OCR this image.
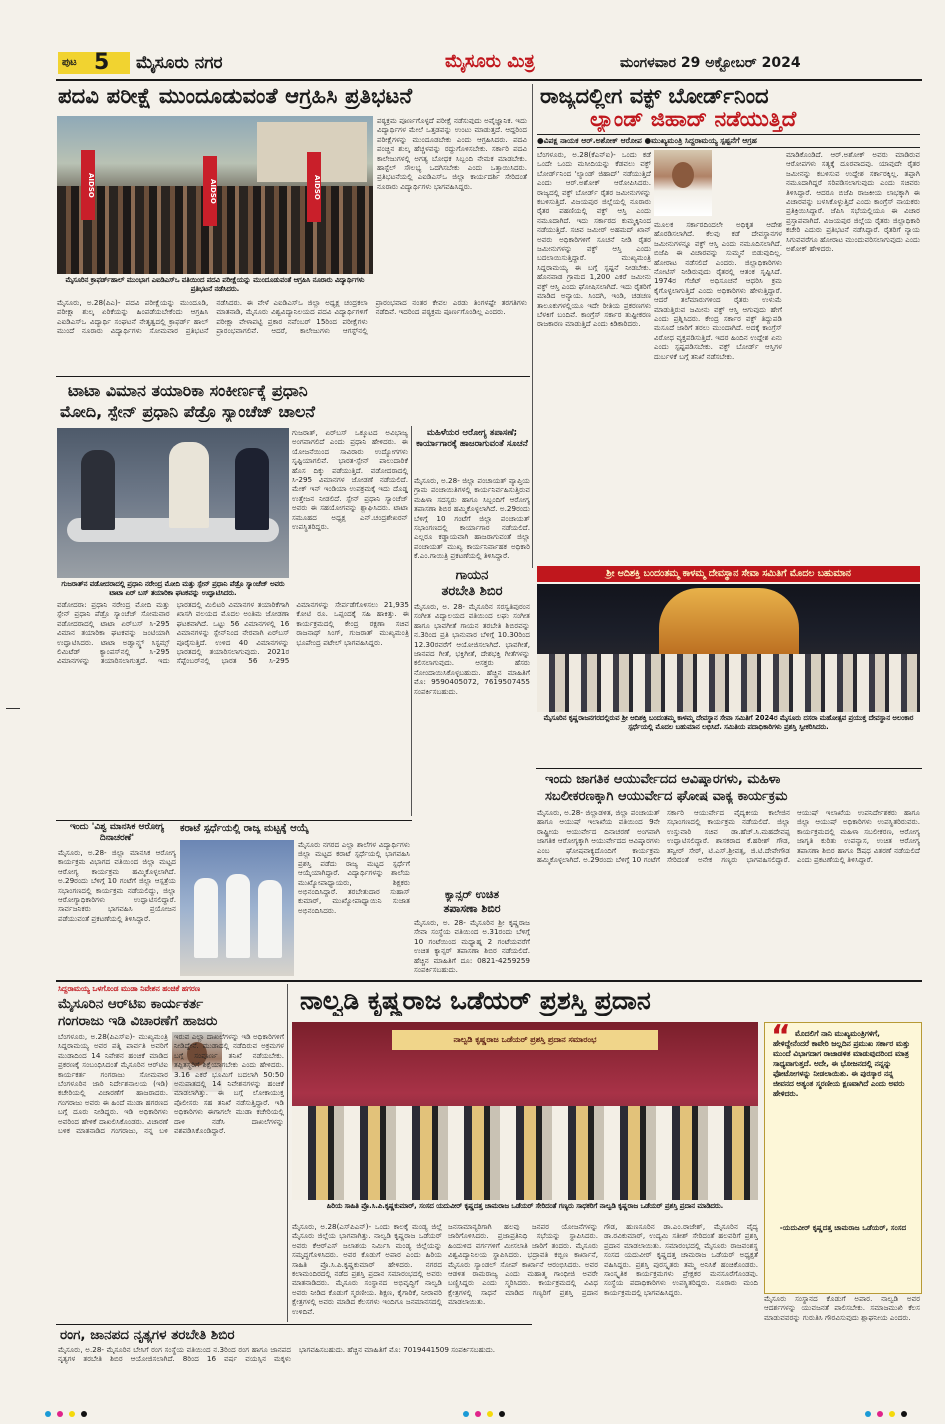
ಪುಟ 5 ಮೈಸೂರು ನಗರ	ಮೈಸೂರು ಮಿತ್ರ	ಮಂಗಳವಾರ 29 ಅಕ್ಟೋಬರ್ 2024
ಪದವಿ ಪರೀಕ್ಷೆ ಮುಂದೂಡುವಂತೆ ಆಗ್ರಹಿಸಿ ಪ್ರತಿಭಟನೆ
AIDSO	AIDSO	AIDSO
ಮೈಸೂರಿನ ಕ್ರಾಫರ್ಡ್‌ಹಾಲ್ ಮುಂಭಾಗ ಎಐಡಿಎಸ್‌ಒ ವತಿಯಿಂದ ಪದವಿ ಪರೀಕ್ಷೆಯನ್ನು ಮುಂದೂಡುವಂತೆ ಆಗ್ರಹಿಸಿ ನೂರಾರು ವಿದ್ಯಾರ್ಥಿಗಳು ಪ್ರತಿಭಟನೆ ನಡೆಸಿದರು.
ಪಠ್ಯಕ್ರಮ ಪೂರ್ಣಗೊಳ್ಳದೆ ಪರೀಕ್ಷೆ ನಡೆಸುವುದು ಅವೈಜ್ಞಾನಿಕ. ಇದು ವಿದ್ಯಾರ್ಥಿಗಳ ಮೇಲೆ ಒತ್ತಡವನ್ನು ಉಂಟು ಮಾಡುತ್ತದೆ. ಆದ್ದರಿಂದ ಪರೀಕ್ಷೆಗಳನ್ನು ಮುಂದೂಡಬೇಕು ಎಂದು ಆಗ್ರಹಿಸಿದರು. ಪದವಿ ಪಂಚ್ಚಿನ ಶುಲ್ಕ ಹೆಚ್ಚಳವನ್ನು ರದ್ದುಗೊಳಿಸಬೇಕು. ಸರ್ಕಾರಿ ಪದವಿ ಕಾಲೇಜುಗಳಲ್ಲಿ ಅಗತ್ಯ ಬೋಧಕ ಸಿಬ್ಬಂದಿ ನೇಮಕ ಮಾಡಬೇಕು. ಹಾಸ್ಟೆಲ್ ಸೌಲಭ್ಯ ಒದಗಿಸಬೇಕು ಎಂದು ಒತ್ತಾಯಿಸಿದರು. ಪ್ರತಿಭಟನೆಯಲ್ಲಿ ಎಐಡಿಎಸ್‌ಒ ಜಿಲ್ಲಾ ಕಾರ್ಯದರ್ಶಿ ಸೇರಿದಂತೆ ನೂರಾರು ವಿದ್ಯಾರ್ಥಿಗಳು ಭಾಗವಹಿಸಿದ್ದರು.
ಮೈಸೂರು, ಅ.28(ಪಿಎ)- ಪದವಿ ಪರೀಕ್ಷೆಯನ್ನು ಮುಂದೂಡಿ, ಪರೀಕ್ಷಾ ಶುಲ್ಕ ಏರಿಕೆಯನ್ನು ಹಿಂಪಡೆಯಬೇಕೆಂದು ಆಗ್ರಹಿಸಿ ಎಐಡಿಎಸ್‌ಒ ವಿದ್ಯಾರ್ಥಿ ಸಂಘಟನೆ ನೇತೃತ್ವದಲ್ಲಿ ಕ್ರಾಫರ್ಡ್ ಹಾಲ್ ಮುಂದೆ ನೂರಾರು ವಿದ್ಯಾರ್ಥಿಗಳು ಸೋಮವಾರ ಪ್ರತಿಭಟನೆ ನಡೆಸಿದರು. ಈ ವೇಳೆ ಎಐಡಿಎಸ್‌ಒ ಜಿಲ್ಲಾ ಅಧ್ಯಕ್ಷ ಚಂದ್ರಕಲಾ ಮಾತನಾಡಿ, ಮೈಸೂರು ವಿಶ್ವವಿದ್ಯಾನಿಲಯದ ಪದವಿ ವಿದ್ಯಾರ್ಥಿಗಳಿಗೆ ಪರೀಕ್ಷಾ ವೇಳಾಪಟ್ಟಿ ಪ್ರಕಾರ ನವೆಂಬರ್ 15ರಿಂದ ಪರೀಕ್ಷೆಗಳು ಪ್ರಾರಂಭವಾಗಲಿವೆ. ಆದರೆ, ಕಾಲೇಜುಗಳು ಆಗಸ್ಟ್‌ನಲ್ಲಿ ಪ್ರಾರಂಭವಾದ ನಂತರ ಕೇವಲ ಎರಡು ತಿಂಗಳಷ್ಟೇ ತರಗತಿಗಳು ನಡೆದಿವೆ. ಇದರಿಂದ ಪಠ್ಯಕ್ರಮ ಪೂರ್ಣಗೊಂಡಿಲ್ಲ ಎಂದರು.
ರಾಜ್ಯದಲ್ಲೀಗ ವಕ್ಫ್ ಬೋರ್ಡ್‌ನಿಂದ
ಲ್ಯಾಂಡ್ ಜಿಹಾದ್ ನಡೆಯುತ್ತಿದೆ
●ವಿಪಕ್ಷ ನಾಯಕ ಆರ್.ಅಶೋಕ್ ಆರೋಪ ●ಮುಖ್ಯಮಂತ್ರಿ ಸಿದ್ದರಾಮಯ್ಯ ಸ್ಪಷ್ಟನೆಗೆ ಆಗ್ರಹ
ಬೆಂಗಳೂರು, ಅ.28(ಕೆಎನ್‌ಐ)- ಒಂದು ಕಡೆ ಒಂದೇ ಒಂದು ಮಸೀದಿಯನ್ನು ಕೆಡವಲು ವಕ್ಫ್ ಬೋರ್ಡ್‌ನಿಂದ 'ಲ್ಯಾಂಡ್ ಜಿಹಾದ್' ನಡೆಯುತ್ತಿದೆ ಎಂದು ಆರ್.ಅಶೋಕ್ ಆರೋಪಿಸಿದರು. ರಾಜ್ಯದಲ್ಲಿ ವಕ್ಫ್ ಬೋರ್ಡ್ ರೈತರ ಜಮೀನುಗಳನ್ನು ಕಬಳಿಸುತ್ತಿದೆ. ವಿಜಯಪುರ ಜಿಲ್ಲೆಯಲ್ಲಿ ನೂರಾರು ರೈತರ ಪಹಣಿಯಲ್ಲಿ ವಕ್ಫ್ ಆಸ್ತಿ ಎಂದು ನಮೂದಾಗಿದೆ. ಇದು ಸರ್ಕಾರದ ಕುಮ್ಮಕ್ಕಿನಿಂದ ನಡೆಯುತ್ತಿದೆ. ಸಚಿವ ಜಮೀರ್ ಅಹಮದ್ ಖಾನ್ ಅವರು ಅಧಿಕಾರಿಗಳಿಗೆ ಸೂಚನೆ ನೀಡಿ ರೈತರ ಜಮೀನುಗಳನ್ನು ವಕ್ಫ್ ಆಸ್ತಿ ಎಂದು ಬದಲಾಯಿಸುತ್ತಿದ್ದಾರೆ. ಮುಖ್ಯಮಂತ್ರಿ ಸಿದ್ದರಾಮಯ್ಯ ಈ ಬಗ್ಗೆ ಸ್ಪಷ್ಟನೆ ನೀಡಬೇಕು. ಹೊನವಾಡ ಗ್ರಾಮದ 1,200 ಎಕರೆ ಜಮೀನು ವಕ್ಫ್ ಆಸ್ತಿ ಎಂದು ಘೋಷಿಸಲಾಗಿದೆ. ಇದು ರೈತರಿಗೆ ಮಾಡಿದ ಅನ್ಯಾಯ. ಸಿಂದಗಿ, ಇಂಡಿ, ಚಡಚಣ ತಾಲೂಕುಗಳಲ್ಲಿಯೂ ಇದೇ ರೀತಿಯ ಪ್ರಕರಣಗಳು ಬೆಳಕಿಗೆ ಬಂದಿವೆ. ಕಾಂಗ್ರೆಸ್ ಸರ್ಕಾರ ತುಷ್ಟೀಕರಣ ರಾಜಕಾರಣ ಮಾಡುತ್ತಿದೆ ಎಂದು ಕಿಡಿಕಾರಿದರು.
ಮೂಲಕ ಸರ್ಕಾರದಿಂದಲೇ ಅಧಿಕೃತ ಆದೇಶ ಹೊರಡಿಸಲಾಗಿದೆ. ಕೆಲವು ಕಡೆ ದೇವಸ್ಥಾನಗಳ ಜಮೀನುಗಳನ್ನೂ ವಕ್ಫ್ ಆಸ್ತಿ ಎಂದು ನಮೂದಿಸಲಾಗಿದೆ. ಬಿಜೆಪಿ ಈ ವಿಚಾರವನ್ನು ಸುಮ್ಮನೆ ಬಿಡುವುದಿಲ್ಲ. ಹೋರಾಟ ನಡೆಸಲಿದೆ ಎಂದರು. ಜಿಲ್ಲಾಧಿಕಾರಿಗಳು ನೋಟಿಸ್ ನೀಡಿರುವುದು ರೈತರಲ್ಲಿ ಆತಂಕ ಸೃಷ್ಟಿಸಿದೆ. 1974ರ ಗೆಜೆಟ್ ಅಧಿಸೂಚನೆ ಆಧರಿಸಿ ಕ್ರಮ ಕೈಗೊಳ್ಳಲಾಗುತ್ತಿದೆ ಎಂದು ಅಧಿಕಾರಿಗಳು ಹೇಳುತ್ತಿದ್ದಾರೆ. ಆದರೆ ತಲೆಮಾರುಗಳಿಂದ ರೈತರು ಉಳುಮೆ ಮಾಡುತ್ತಿರುವ ಜಮೀನು ವಕ್ಫ್ ಆಸ್ತಿ ಆಗುವುದು ಹೇಗೆ ಎಂದು ಪ್ರಶ್ನಿಸಿದರು. ಕೇಂದ್ರ ಸರ್ಕಾರ ವಕ್ಫ್ ತಿದ್ದುಪಡಿ ಮಸೂದೆ ಜಾರಿಗೆ ತರಲು ಮುಂದಾಗಿದೆ. ಅದಕ್ಕೆ ಕಾಂಗ್ರೆಸ್ ವಿರೋಧ ವ್ಯಕ್ತಪಡಿಸುತ್ತಿದೆ. ಇದರ ಹಿಂದಿನ ಉದ್ದೇಶ ಏನು ಎಂದು ಸ್ಪಷ್ಟಪಡಿಸಬೇಕು. ವಕ್ಫ್ ಬೋರ್ಡ್ ಆಸ್ತಿಗಳ ದುರ್ಬಳಕೆ ಬಗ್ಗೆ ತನಿಖೆ ನಡೆಸಬೇಕು.
ಮಾಡಿಕೊಂಡಿದೆ. ಆರ್.ಅಶೋಕ್ ಅವರು ಮಾಡಿರುವ ಆರೋಪಗಳು ಸತ್ಯಕ್ಕೆ ದೂರವಾದವು. ಯಾವುದೇ ರೈತರ ಜಮೀನನ್ನು ಕಬಳಿಸುವ ಉದ್ದೇಶ ಸರ್ಕಾರಕ್ಕಿಲ್ಲ. ತಪ್ಪಾಗಿ ನಮೂದಾಗಿದ್ದರೆ ಸರಿಪಡಿಸಲಾಗುವುದು ಎಂದು ಸಚಿವರು ತಿಳಿಸಿದ್ದಾರೆ. ಆದರೂ ಬಿಜೆಪಿ ರಾಜಕೀಯ ಲಾಭಕ್ಕಾಗಿ ಈ ವಿಚಾರವನ್ನು ಬಳಸಿಕೊಳ್ಳುತ್ತಿದೆ ಎಂದು ಕಾಂಗ್ರೆಸ್ ನಾಯಕರು ಪ್ರತಿಕ್ರಿಯಿಸಿದ್ದಾರೆ. ಜೆಪಿಸಿ ಸಭೆಯಲ್ಲಿಯೂ ಈ ವಿಚಾರ ಪ್ರಸ್ತಾಪವಾಗಿದೆ. ವಿಜಯಪುರ ಜಿಲ್ಲೆಯ ರೈತರು ಜಿಲ್ಲಾಧಿಕಾರಿ ಕಚೇರಿ ಎದುರು ಪ್ರತಿಭಟನೆ ನಡೆಸಿದ್ದಾರೆ. ರೈತರಿಗೆ ನ್ಯಾಯ ಸಿಗುವವರೆಗೂ ಹೋರಾಟ ಮುಂದುವರಿಸಲಾಗುವುದು ಎಂದು ಅಶೋಕ್ ಹೇಳಿದರು.
ಟಾಟಾ ವಿಮಾನ ತಯಾರಿಕಾ ಸಂಕೀರ್ಣಕ್ಕೆ ಪ್ರಧಾನಿ
ಮೋದಿ, ಸ್ಪೇನ್ ಪ್ರಧಾನಿ ಪೆಡ್ರೊ ಸ್ಯಾಂಚೆಜ್ ಚಾಲನೆ
ಗುಜರಾತ್‌ನ ವಡೋದರಾದಲ್ಲಿ ಪ್ರಧಾನಿ ನರೇಂದ್ರ ಮೋದಿ ಮತ್ತು ಸ್ಪೇನ್ ಪ್ರಧಾನಿ ಪೆಡ್ರೊ ಸ್ಯಾಂಚೆಜ್ ಅವರು ಟಾಟಾ ಏರ್ ಬಸ್ ತಯಾರಿಕಾ ಘಟಕವನ್ನು ಉದ್ಘಾಟಿಸಿದರು.
ಗುಜರಾತ್, ಏರ್‌ಬಸ್ ಒಕ್ಕೂಟದ ಅವಿಭಾಜ್ಯ ಅಂಗವಾಗಲಿದೆ ಎಂದು ಪ್ರಧಾನಿ ಹೇಳಿದರು. ಈ ಯೋಜನೆಯಿಂದ ಸಾವಿರಾರು ಉದ್ಯೋಗಗಳು ಸೃಷ್ಟಿಯಾಗಲಿವೆ. ಭಾರತ-ಸ್ಪೇನ್ ಪಾಲುದಾರಿಕೆ ಹೊಸ ದಿಕ್ಕು ಪಡೆಯುತ್ತಿದೆ. ವಡೋದರಾದಲ್ಲಿ ಸಿ-295 ವಿಮಾನಗಳ ಜೋಡಣೆ ನಡೆಯಲಿದೆ. ಮೇಕ್ ಇನ್ ಇಂಡಿಯಾ ಉಪಕ್ರಮಕ್ಕೆ ಇದು ದೊಡ್ಡ ಉತ್ತೇಜನ ನೀಡಲಿದೆ. ಸ್ಪೇನ್ ಪ್ರಧಾನಿ ಸ್ಯಾಂಚೆಜ್ ಅವರು ಈ ಸಹಯೋಗವನ್ನು ಶ್ಲಾಘಿಸಿದರು. ಟಾಟಾ ಸಮೂಹದ ಅಧ್ಯಕ್ಷ ಎನ್.ಚಂದ್ರಶೇಖರನ್ ಉಪಸ್ಥಿತರಿದ್ದರು.
ವಡೋದರಾ: ಪ್ರಧಾನಿ ನರೇಂದ್ರ ಮೋದಿ ಮತ್ತು ಸ್ಪೇನ್ ಪ್ರಧಾನಿ ಪೆಡ್ರೊ ಸ್ಯಾಂಚೆಜ್ ಸೋಮವಾರ ವಡೋದರಾದಲ್ಲಿ ಟಾಟಾ ಏರ್‌ಬಸ್ ಸಿ-295 ವಿಮಾನ ತಯಾರಿಕಾ ಘಟಕವನ್ನು ಜಂಟಿಯಾಗಿ ಉದ್ಘಾಟಿಸಿದರು. ಟಾಟಾ ಅಡ್ವಾನ್ಸ್ಡ್ ಸಿಸ್ಟಮ್ಸ್ ಲಿಮಿಟೆಡ್ ಕ್ಯಾಂಪಸ್‌ನಲ್ಲಿ ಸಿ-295 ವಿಮಾನಗಳನ್ನು ತಯಾರಿಸಲಾಗುತ್ತದೆ. ಇದು ಭಾರತದಲ್ಲಿ ಮಿಲಿಟರಿ ವಿಮಾನಗಳ ತಯಾರಿಕೆಗಾಗಿ ಖಾಸಗಿ ವಲಯದ ಮೊದಲ ಅಂತಿಮ ಜೋಡಣಾ ಘಟಕವಾಗಿದೆ. ಒಟ್ಟು 56 ವಿಮಾನಗಳಲ್ಲಿ 16 ವಿಮಾನಗಳನ್ನು ಸ್ಪೇನ್‌ನಿಂದ ನೇರವಾಗಿ ಏರ್‌ಬಸ್ ಪೂರೈಸುತ್ತಿದೆ. ಉಳಿದ 40 ವಿಮಾನಗಳನ್ನು ಭಾರತದಲ್ಲಿ ತಯಾರಿಸಲಾಗುವುದು. 2021ರ ಸೆಪ್ಟೆಂಬರ್‌ನಲ್ಲಿ ಭಾರತ 56 ಸಿ-295 ವಿಮಾನಗಳನ್ನು ಸೇರ್ಪಡೆಗೊಳಿಸಲು 21,935 ಕೋಟಿ ರೂ. ಒಪ್ಪಂದಕ್ಕೆ ಸಹಿ ಹಾಕಿತ್ತು. ಈ ಕಾರ್ಯಕ್ರಮದಲ್ಲಿ ಕೇಂದ್ರ ರಕ್ಷಣಾ ಸಚಿವ ರಾಜನಾಥ್ ಸಿಂಗ್, ಗುಜರಾತ್ ಮುಖ್ಯಮಂತ್ರಿ ಭೂಪೇಂದ್ರ ಪಟೇಲ್ ಭಾಗವಹಿಸಿದ್ದರು.
ಮಹಿಳೆಯರ ಆರೋಗ್ಯ ತಪಾಸಣೆ; ಕಾರ್ಯಾಗಾರಕ್ಕೆ ಹಾಜರಾಗುವಂತೆ ಸೂಚನೆ
ಮೈಸೂರು, ಅ.28- ಜಿಲ್ಲಾ ಪಂಚಾಯತ್ ವ್ಯಾಪ್ತಿಯ ಗ್ರಾಮ ಪಂಚಾಯಿತಿಗಳಲ್ಲಿ ಕಾರ್ಯನಿರ್ವಹಿಸುತ್ತಿರುವ ಮಹಿಳಾ ಸದಸ್ಯರು ಹಾಗೂ ಸಿಬ್ಬಂದಿಗೆ ಆರೋಗ್ಯ ತಪಾಸಣಾ ಶಿಬಿರ ಹಮ್ಮಿಕೊಳ್ಳಲಾಗಿದೆ. ಅ.29ರಂದು ಬೆಳಿಗ್ಗೆ 10 ಗಂಟೆಗೆ ಜಿಲ್ಲಾ ಪಂಚಾಯತ್ ಸಭಾಂಗಣದಲ್ಲಿ ಕಾರ್ಯಾಗಾರ ನಡೆಯಲಿದೆ. ಎಲ್ಲರೂ ಕಡ್ಡಾಯವಾಗಿ ಹಾಜರಾಗುವಂತೆ ಜಿಲ್ಲಾ ಪಂಚಾಯತ್ ಮುಖ್ಯ ಕಾರ್ಯನಿರ್ವಾಹಕ ಅಧಿಕಾರಿ ಕೆ.ಎಂ.ಗಾಯಿತ್ರಿ ಪ್ರಕಟಣೆಯಲ್ಲಿ ತಿಳಿಸಿದ್ದಾರೆ.
ಗಾಯನ
ತರಬೇತಿ ಶಿಬಿರ
ಮೈಸೂರು, ಅ. 28- ಮೈಸೂರಿನ ಸರಸ್ವತಿಪುರಂನ ಸಂಗೀತ ವಿದ್ಯಾಲಯದ ವತಿಯಿಂದ ಲಘು ಸಂಗೀತ ಹಾಗೂ ಭಾವಗೀತೆ ಗಾಯನ ತರಬೇತಿ ಶಿಬಿರವನ್ನು ನ.3ರಿಂದ ಪ್ರತಿ ಭಾನುವಾರ ಬೆಳಿಗ್ಗೆ 10.30ರಿಂದ 12.30ರವರೆಗೆ ಆಯೋಜಿಸಲಾಗಿದೆ. ಭಾವಗೀತೆ, ಜಾನಪದ ಗೀತೆ, ಭಕ್ತಿಗೀತೆ, ದೇಶಭಕ್ತಿ ಗೀತೆಗಳನ್ನು ಕಲಿಸಲಾಗುವುದು. ಆಸಕ್ತರು ಹೆಸರು ನೋಂದಾಯಿಸಿಕೊಳ್ಳಬಹುದು. ಹೆಚ್ಚಿನ ಮಾಹಿತಿಗೆ ಮೊ: 9590405072, 7619507455 ಸಂಪರ್ಕಿಸಬಹುದು.
ಇಂದು 'ವಿಶ್ವ ಮಾನಸಿಕ ಆರೋಗ್ಯ ದಿನಾಚರಣೆ'
ಮೈಸೂರು, ಅ.28- ಜಿಲ್ಲಾ ಮಾನಸಿಕ ಆರೋಗ್ಯ ಕಾರ್ಯಕ್ರಮ ವಿಭಾಗದ ವತಿಯಿಂದ ಜಿಲ್ಲಾ ಮಟ್ಟದ ಆರೋಗ್ಯ ಕಾರ್ಯಕ್ರಮ ಹಮ್ಮಿಕೊಳ್ಳಲಾಗಿದೆ. ಅ.29ರಂದು ಬೆಳಿಗ್ಗೆ 10 ಗಂಟೆಗೆ ಜಿಲ್ಲಾ ಆಸ್ಪತ್ರೆಯ ಸಭಾಂಗಣದಲ್ಲಿ ಕಾರ್ಯಕ್ರಮ ನಡೆಯಲಿದ್ದು, ಜಿಲ್ಲಾ ಆರೋಗ್ಯಾಧಿಕಾರಿಗಳು ಉದ್ಘಾಟಿಸಲಿದ್ದಾರೆ. ಸಾರ್ವಜನಿಕರು ಭಾಗವಹಿಸಿ ಪ್ರಯೋಜನ ಪಡೆಯುವಂತೆ ಪ್ರಕಟಣೆಯಲ್ಲಿ ತಿಳಿಸಿದ್ದಾರೆ.
ಕರಾಟೆ ಸ್ಪರ್ಧೆಯಲ್ಲಿ ರಾಜ್ಯ ಮಟ್ಟಕ್ಕೆ ಆಯ್ಕೆ
ಮೈಸೂರು ನಗರದ ಎಲ್ಲಾ ಶಾಲೆಗಳ ವಿದ್ಯಾರ್ಥಿಗಳು ಜಿಲ್ಲಾ ಮಟ್ಟದ ಕರಾಟೆ ಸ್ಪರ್ಧೆಯಲ್ಲಿ ಭಾಗವಹಿಸಿ ಪ್ರಶಸ್ತಿ ಪಡೆದು ರಾಜ್ಯ ಮಟ್ಟದ ಸ್ಪರ್ಧೆಗೆ ಆಯ್ಕೆಯಾಗಿದ್ದಾರೆ. ವಿದ್ಯಾರ್ಥಿಗಳನ್ನು ಶಾಲೆಯ ಮುಖ್ಯೋಪಾಧ್ಯಾಯರು, ಶಿಕ್ಷಕರು ಅಭಿನಂದಿಸಿದ್ದಾರೆ. ತರಬೇತುದಾರ ಸುಹಾಸ್ ಕುಮಾರ್, ಮುಖ್ಯೋಪಾಧ್ಯಾಯಿನಿ ಸುಜಾತ ಅಭಿನಂದಿಸಿದರು.
ಕ್ಯಾನ್ಸರ್ ಉಚಿತ
ತಪಾಸಣಾ ಶಿಬಿರ
ಮೈಸೂರು, ಅ. 28- ಮೈಸೂರಿನ ಶ್ರೀ ಕೃಷ್ಣರಾಜ ಸೇವಾ ಸಂಸ್ಥೆಯ ವತಿಯಿಂದ ಅ.31ರಂದು ಬೆಳಿಗ್ಗೆ 10 ಗಂಟೆಯಿಂದ ಮಧ್ಯಾಹ್ನ 2 ಗಂಟೆಯವರೆಗೆ ಉಚಿತ ಕ್ಯಾನ್ಸರ್ ತಪಾಸಣಾ ಶಿಬಿರ ನಡೆಯಲಿದೆ. ಹೆಚ್ಚಿನ ಮಾಹಿತಿಗೆ ದೂ: 0821-4259259 ಸಂಪರ್ಕಿಸಬಹುದು.
ಶ್ರೀ ಆದಿಶಕ್ತಿ ಬಂದಂತಮ್ಮ ಕಾಳಮ್ಮ ದೇವಸ್ಥಾನ ಸೇವಾ ಸಮಿತಿಗೆ ಮೊದಲ ಬಹುಮಾನ
ಮೈಸೂರಿನ ಕೃಷ್ಣರಾಜನಗರದಲ್ಲಿರುವ ಶ್ರೀ ಆದಿಶಕ್ತಿ ಬಂದಂತಮ್ಮ ಕಾಳಮ್ಮ ದೇವಸ್ಥಾನ ಸೇವಾ ಸಮಿತಿಗೆ 2024ರ ಮೈಸೂರು ದಸರಾ ಮಹೋತ್ಸವ ಪ್ರಯುಕ್ತ ದೇವಸ್ಥಾನ ಅಲಂಕಾರ ಸ್ಪರ್ಧೆಯಲ್ಲಿ ಮೊದಲ ಬಹುಮಾನ ಲಭಿಸಿದೆ. ಸಮಿತಿಯ ಪದಾಧಿಕಾರಿಗಳು ಪ್ರಶಸ್ತಿ ಸ್ವೀಕರಿಸಿದರು.
ಇಂದು ಜಾಗತಿಕ ಆಯುರ್ವೇದದ ಆವಿಷ್ಕಾರಗಳು, ಮಹಿಳಾ
ಸಬಲೀಕರಣಕ್ಕಾಗಿ ಆಯುರ್ವೇದ ಘೋಷ ವಾಕ್ಯ ಕಾರ್ಯಕ್ರಮ
ಮೈಸೂರು, ಅ.28- ಜಿಲ್ಲಾಡಳಿತ, ಜಿಲ್ಲಾ ಪಂಚಾಯತ್ ಹಾಗೂ ಆಯುಷ್ ಇಲಾಖೆಯ ವತಿಯಿಂದ 9ನೇ ರಾಷ್ಟ್ರೀಯ ಆಯುರ್ವೇದ ದಿನಾಚರಣೆ ಅಂಗವಾಗಿ ಜಾಗತಿಕ ಆರೋಗ್ಯಕ್ಕಾಗಿ ಆಯುರ್ವೇದದ ಆವಿಷ್ಕಾರಗಳು ಎಂಬ ಘೋಷವಾಕ್ಯದೊಂದಿಗೆ ಕಾರ್ಯಕ್ರಮ ಹಮ್ಮಿಕೊಳ್ಳಲಾಗಿದೆ. ಅ.29ರಂದು ಬೆಳಿಗ್ಗೆ 10 ಗಂಟೆಗೆ ಸರ್ಕಾರಿ ಆಯುರ್ವೇದ ವೈದ್ಯಕೀಯ ಕಾಲೇಜಿನ ಸಭಾಂಗಣದಲ್ಲಿ ಕಾರ್ಯಕ್ರಮ ನಡೆಯಲಿದೆ. ಜಿಲ್ಲಾ ಉಸ್ತುವಾರಿ ಸಚಿವ ಡಾ.ಹೆಚ್.ಸಿ.ಮಹದೇವಪ್ಪ ಉದ್ಘಾಟಿಸಲಿದ್ದಾರೆ. ಶಾಸಕರಾದ ಕೆ.ಹರೀಶ್ ಗೌಡ, ತನ್ವೀರ್ ಸೇಠ್, ಟಿ.ಎಸ್.ಶ್ರೀವತ್ಸ, ಜಿ.ಟಿ.ದೇವೇಗೌಡ ಸೇರಿದಂತೆ ಅನೇಕ ಗಣ್ಯರು ಭಾಗವಹಿಸಲಿದ್ದಾರೆ. ಆಯುಷ್ ಇಲಾಖೆಯ ಉಪನಿರ್ದೇಶಕರು ಹಾಗೂ ಜಿಲ್ಲಾ ಆಯುಷ್ ಅಧಿಕಾರಿಗಳು ಉಪಸ್ಥಿತರಿರುವರು. ಕಾರ್ಯಕ್ರಮದಲ್ಲಿ ಮಹಿಳಾ ಸಬಲೀಕರಣ, ಆರೋಗ್ಯ ಜಾಗೃತಿ ಕುರಿತು ಉಪನ್ಯಾಸ, ಉಚಿತ ಆರೋಗ್ಯ ತಪಾಸಣಾ ಶಿಬಿರ ಹಾಗೂ ಔಷಧ ವಿತರಣೆ ನಡೆಯಲಿದೆ ಎಂದು ಪ್ರಕಟಣೆಯಲ್ಲಿ ತಿಳಿಸಿದ್ದಾರೆ.
ಸಿದ್ದರಾಮಯ್ಯ ಒಳಗೊಂಡ ಮುಡಾ ನಿವೇಶನ ಹಂಚಿಕೆ ಹಗರಣ
ಮೈಸೂರಿನ ಆರ್‌ಟಿಐ ಕಾರ್ಯಕರ್ತ
ಗಂಗರಾಜು ಇಡಿ ವಿಚಾರಣೆಗೆ ಹಾಜರು
ಬೆಂಗಳೂರು, ಅ.28(ಪಿಎಸ್‌ಐ)- ಮುಖ್ಯಮಂತ್ರಿ ಸಿದ್ದರಾಮಯ್ಯ ಅವರ ಪತ್ನಿ ಪಾರ್ವತಿ ಅವರಿಗೆ ಮುಡಾದಿಂದ 14 ನಿವೇಶನ ಹಂಚಿಕೆ ಮಾಡಿದ ಪ್ರಕರಣಕ್ಕೆ ಸಂಬಂಧಿಸಿದಂತೆ ಮೈಸೂರಿನ ಆರ್‌ಟಿಐ ಕಾರ್ಯಕರ್ತ ಗಂಗರಾಜು ಸೋಮವಾರ ಬೆಂಗಳೂರಿನ ಜಾರಿ ನಿರ್ದೇಶನಾಲಯ (ಇಡಿ) ಕಚೇರಿಯಲ್ಲಿ ವಿಚಾರಣೆಗೆ ಹಾಜರಾದರು. ಗಂಗರಾಜು ಅವರು ಈ ಹಿಂದೆ ಮುಡಾ ಹಗರಣದ ಬಗ್ಗೆ ದೂರು ನೀಡಿದ್ದರು. ಇಡಿ ಅಧಿಕಾರಿಗಳು ಅವರಿಂದ ಹೇಳಿಕೆ ದಾಖಲಿಸಿಕೊಂಡರು. ವಿಚಾರಣೆ ಬಳಿಕ ಮಾತನಾಡಿದ ಗಂಗರಾಜು, ನನ್ನ ಬಳಿ ಇರುವ ಎಲ್ಲಾ ದಾಖಲೆಗಳನ್ನು ಇಡಿ ಅಧಿಕಾರಿಗಳಿಗೆ ನೀಡಿದ್ದೇನೆ. ಮುಡಾದಲ್ಲಿ ನಡೆದಿರುವ ಅಕ್ರಮಗಳ ಬಗ್ಗೆ ಸಂಪೂರ್ಣ ತನಿಖೆ ನಡೆಯಬೇಕು. ತಪ್ಪಿತಸ್ಥರಿಗೆ ಶಿಕ್ಷೆಯಾಗಬೇಕು ಎಂದು ಹೇಳಿದರು. 3.16 ಎಕರೆ ಭೂಮಿಗೆ ಬದಲಾಗಿ 50:50 ಅನುಪಾತದಲ್ಲಿ 14 ನಿವೇಶನಗಳನ್ನು ಹಂಚಿಕೆ ಮಾಡಲಾಗಿತ್ತು. ಈ ಬಗ್ಗೆ ಲೋಕಾಯುಕ್ತ ಪೊಲೀಸರು ಸಹ ತನಿಖೆ ನಡೆಸುತ್ತಿದ್ದಾರೆ. ಇಡಿ ಅಧಿಕಾರಿಗಳು ಈಗಾಗಲೇ ಮುಡಾ ಕಚೇರಿಯಲ್ಲಿ ದಾಳಿ ನಡೆಸಿ ದಾಖಲೆಗಳನ್ನು ವಶಪಡಿಸಿಕೊಂಡಿದ್ದಾರೆ.
ನಾಲ್ವಡಿ ಕೃಷ್ಣರಾಜ ಒಡೆಯರ್ ಪ್ರಶಸ್ತಿ ಪ್ರದಾನ
ನಾಲ್ವಡಿ ಕೃಷ್ಣರಾಜ ಒಡೆಯರ್ ಪ್ರಶಸ್ತಿ ಪ್ರದಾನ ಸಮಾರಂಭ
ಹಿರಿಯ ಸಾಹಿತಿ ಪ್ರೊ.ಸಿ.ಪಿ.ಕೃಷ್ಣಕುಮಾರ್, ಸಂಸದ ಯದುವೀರ್ ಕೃಷ್ಣದತ್ತ ಚಾಮರಾಜ ಒಡೆಯರ್ ಸೇರಿದಂತೆ ಗಣ್ಯರು ಸಾಧಕರಿಗೆ ನಾಲ್ವಡಿ ಕೃಷ್ಣರಾಜ ಒಡೆಯರ್ ಪ್ರಶಸ್ತಿ ಪ್ರದಾನ ಮಾಡಿದರು.
ಮೈಸೂರು, ಅ.28(ಎಸ್‌ಪಿಎನ್)- ಒಂದು ಕಾಲಕ್ಕೆ ಮಂಡ್ಯ ಜಿಲ್ಲೆ ಮೈಸೂರು ಜಿಲ್ಲೆಯ ಭಾಗವಾಗಿತ್ತು. ನಾಲ್ವಡಿ ಕೃಷ್ಣರಾಜ ಒಡೆಯರ್ ಅವರು ಕೆಆರ್‌ಎಸ್ ಜಲಾಶಯ ನಿರ್ಮಿಸಿ ಮಂಡ್ಯ ಜಿಲ್ಲೆಯನ್ನು ಸಮೃದ್ಧಗೊಳಿಸಿದರು. ಅವರ ಕೊಡುಗೆ ಅಪಾರ ಎಂದು ಹಿರಿಯ ಸಾಹಿತಿ ಪ್ರೊ.ಸಿ.ಪಿ.ಕೃಷ್ಣಕುಮಾರ್ ಹೇಳಿದರು. ನಗರದ ಕಲಾಮಂದಿರದಲ್ಲಿ ನಡೆದ ಪ್ರಶಸ್ತಿ ಪ್ರದಾನ ಸಮಾರಂಭದಲ್ಲಿ ಅವರು ಮಾತನಾಡಿದರು. ಮೈಸೂರು ಸಂಸ್ಥಾನದ ಅಭಿವೃದ್ಧಿಗೆ ನಾಲ್ವಡಿ ಅವರು ನೀಡಿದ ಕೊಡುಗೆ ಸ್ಮರಣೀಯ. ಶಿಕ್ಷಣ, ಕೈಗಾರಿಕೆ, ನೀರಾವರಿ ಕ್ಷೇತ್ರಗಳಲ್ಲಿ ಅವರು ಮಾಡಿದ ಕೆಲಸಗಳು ಇಂದಿಗೂ ಜನಮಾನಸದಲ್ಲಿ ಉಳಿದಿವೆ.
ಜನಸಾಮಾನ್ಯರಿಗಾಗಿ ಹಲವು ಜನಪರ ಯೋಜನೆಗಳನ್ನು ಜಾರಿಗೊಳಿಸಿದರು. ಪ್ರಜಾಪ್ರತಿನಿಧಿ ಸಭೆಯನ್ನು ಸ್ಥಾಪಿಸಿದರು. ಹಿಂದುಳಿದ ವರ್ಗಗಳಿಗೆ ಮೀಸಲಾತಿ ಜಾರಿಗೆ ತಂದರು. ಮೈಸೂರು ವಿಶ್ವವಿದ್ಯಾನಿಲಯ ಸ್ಥಾಪಿಸಿದರು. ಭದ್ರಾವತಿ ಕಬ್ಬಿಣ ಕಾರ್ಖಾನೆ, ಮೈಸೂರು ಸ್ಯಾಂಡಲ್ ಸೋಪ್ ಕಾರ್ಖಾನೆ ಆರಂಭಿಸಿದರು. ಅವರ ಆಡಳಿತ ರಾಮರಾಜ್ಯ ಎಂದು ಮಹಾತ್ಮ ಗಾಂಧೀಜಿ ಅವರೇ ಬಣ್ಣಿಸಿದ್ದರು ಎಂದು ಸ್ಮರಿಸಿದರು. ಕಾರ್ಯಕ್ರಮದಲ್ಲಿ ವಿವಿಧ ಕ್ಷೇತ್ರಗಳಲ್ಲಿ ಸಾಧನೆ ಮಾಡಿದ ಗಣ್ಯರಿಗೆ ಪ್ರಶಸ್ತಿ ಪ್ರದಾನ ಮಾಡಲಾಯಿತು.
ಗೌಡ, ಹುಣಸೂರಿನ ಡಾ.ಎಂ.ರಾಜೇಶ್, ಮೈಸೂರಿನ ವೈದ್ಯ ಡಾ.ರವಿಕುಮಾರ್, ಉದ್ಯಮಿ ಸತೀಶ್ ಸೇರಿದಂತೆ ಹಲವರಿಗೆ ಪ್ರಶಸ್ತಿ ಪ್ರದಾನ ಮಾಡಲಾಯಿತು. ಸಮಾರಂಭದಲ್ಲಿ ಮೈಸೂರು ರಾಜವಂಶಸ್ಥ ಸಂಸದ ಯದುವೀರ್ ಕೃಷ್ಣದತ್ತ ಚಾಮರಾಜ ಒಡೆಯರ್ ಅಧ್ಯಕ್ಷತೆ ವಹಿಸಿದ್ದರು. ಪ್ರಶಸ್ತಿ ಪುರಸ್ಕೃತರು ತಮ್ಮ ಅನಿಸಿಕೆ ಹಂಚಿಕೊಂಡರು. ಸಾಂಸ್ಕೃತಿಕ ಕಾರ್ಯಕ್ರಮಗಳು ಪ್ರೇಕ್ಷಕರ ಮನಸೂರೆಗೊಂಡವು. ಸಂಸ್ಥೆಯ ಪದಾಧಿಕಾರಿಗಳು ಉಪಸ್ಥಿತರಿದ್ದರು. ನೂರಾರು ಮಂದಿ ಕಾರ್ಯಕ್ರಮದಲ್ಲಿ ಭಾಗವಹಿಸಿದ್ದರು.
“ ಮೊದಲಿಗೆ ನಾನಿ ಮುಖ್ಯಮಂತ್ರಿಗಳಿಗೆ, ಹೇಳಿದ್ದೇನೆಂದರೆ ಕಾವೇರಿ ಜಲ್ಲದಿನ ಪ್ರಮುಖ ಸರ್ಕಾರ ಮತ್ತು ಮುಂದೆ ವಿಭಾಗದಾಗ ರಾಜಾಡಳಿತ ಮಾಡುವುದರಿಂದ ಮಾತ್ರ ಸಾಧ್ಯವಾಗುತ್ತದೆ. ಅದೇ, ಈ ಭೋಜನದಲ್ಲಿ ನನ್ನನ್ನು ಫೋಟೋಗಳನ್ನು ನೀಡಲಾಯಿತು. ಈ ಪುರಸ್ಕಾರ ನನ್ನ ಜೀವನದ ಅತ್ಯಂತ ಸ್ಮರಣೀಯ ಕ್ಷಣವಾಗಿದೆ ಎಂದು ಅವರು ಹೇಳಿದರು.
-ಯದುವೀರ್ ಕೃಷ್ಣದತ್ತ ಚಾಮರಾಜ ಒಡೆಯರ್, ಸಂಸದ
ಮೈಸೂರು ಸಂಸ್ಥಾನದ ಕೊಡುಗೆ ಅಪಾರ. ನಾಲ್ವಡಿ ಅವರ ಆದರ್ಶಗಳನ್ನು ಯುವಜನತೆ ಪಾಲಿಸಬೇಕು. ಸಮಾಜಮುಖಿ ಕೆಲಸ ಮಾಡುವವರನ್ನು ಗುರುತಿಸಿ ಗೌರವಿಸುವುದು ಶ್ಲಾಘನೀಯ ಎಂದರು.
ರಂಗ, ಜಾನಪದ ನೃತ್ಯಗಳ ತರಬೇತಿ ಶಿಬಿರ
ಮೈಸೂರು, ಅ.28- ಮೈಸೂರಿನ ಬೇಸಿಗೆ ರಂಗ ಸಂಸ್ಥೆಯ ವತಿಯಿಂದ ನ.3ರಿಂದ ರಂಗ ಹಾಗೂ ಜಾನಪದ ನೃತ್ಯಗಳ ತರಬೇತಿ ಶಿಬಿರ ಆಯೋಜಿಸಲಾಗಿದೆ. 8ರಿಂದ 16 ವರ್ಷ ವಯಸ್ಸಿನ ಮಕ್ಕಳು ಭಾಗವಹಿಸಬಹುದು. ಹೆಚ್ಚಿನ ಮಾಹಿತಿಗೆ ಮೊ: 7019441509 ಸಂಪರ್ಕಿಸಬಹುದು.
